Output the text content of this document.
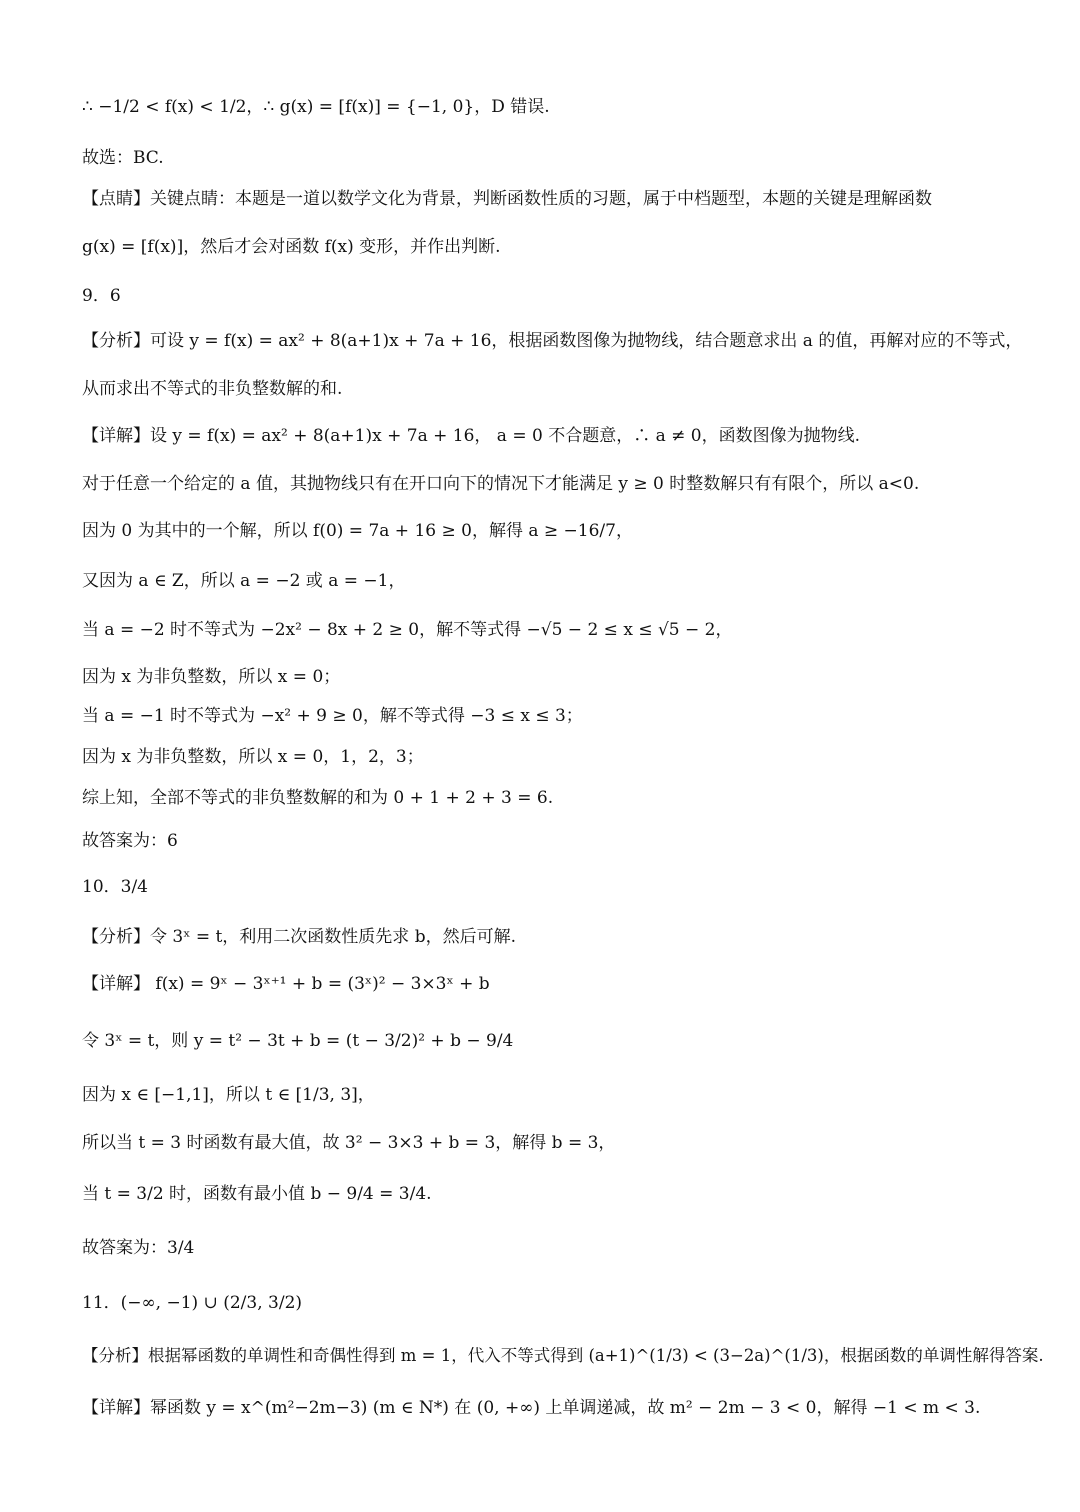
∴ −1/2 < f(x) < 1/2，∴ g(x) = [f(x)] = {−1, 0}，D 错误.
故选：BC.
【点睛】关键点睛：本题是一道以数学文化为背景，判断函数性质的习题，属于中档题型，本题的关键是理解函数
g(x) = [f(x)]，然后才会对函数 f(x) 变形，并作出判断.
9．6
【分析】可设 y = f(x) = ax² + 8(a+1)x + 7a + 16，根据函数图像为抛物线，结合题意求出 a 的值，再解对应的不等式，
从而求出不等式的非负整数解的和.
【详解】设 y = f(x) = ax² + 8(a+1)x + 7a + 16， a = 0 不合题意，∴ a ≠ 0，函数图像为抛物线.
对于任意一个给定的 a 值，其抛物线只有在开口向下的情况下才能满足 y ≥ 0 时整数解只有有限个，所以 a<0.
因为 0 为其中的一个解，所以 f(0) = 7a + 16 ≥ 0，解得 a ≥ −16/7，
又因为 a ∈ Z，所以 a = −2 或 a = −1，
当 a = −2 时不等式为 −2x² − 8x + 2 ≥ 0，解不等式得 −√5 − 2 ≤ x ≤ √5 − 2，
因为 x 为非负整数，所以 x = 0；
当 a = −1 时不等式为 −x² + 9 ≥ 0，解不等式得 −3 ≤ x ≤ 3；
因为 x 为非负整数，所以 x = 0，1，2，3；
综上知，全部不等式的非负整数解的和为 0 + 1 + 2 + 3 = 6.
故答案为：6
10．3/4
【分析】令 3ˣ = t，利用二次函数性质先求 b，然后可解.
【详解】 f(x) = 9ˣ − 3ˣ⁺¹ + b = (3ˣ)² − 3×3ˣ + b
令 3ˣ = t，则 y = t² − 3t + b = (t − 3/2)² + b − 9/4
因为 x ∈ [−1,1]，所以 t ∈ [1/3, 3]，
所以当 t = 3 时函数有最大值，故 3² − 3×3 + b = 3，解得 b = 3，
当 t = 3/2 时，函数有最小值 b − 9/4 = 3/4.
故答案为：3/4
11．(−∞, −1) ∪ (2/3, 3/2)
【分析】根据幂函数的单调性和奇偶性得到 m = 1，代入不等式得到 (a+1)^(1/3) < (3−2a)^(1/3)，根据函数的单调性解得答案.
【详解】幂函数 y = x^(m²−2m−3) (m ∈ N*) 在 (0, +∞) 上单调递减，故 m² − 2m − 3 < 0，解得 −1 < m < 3.
